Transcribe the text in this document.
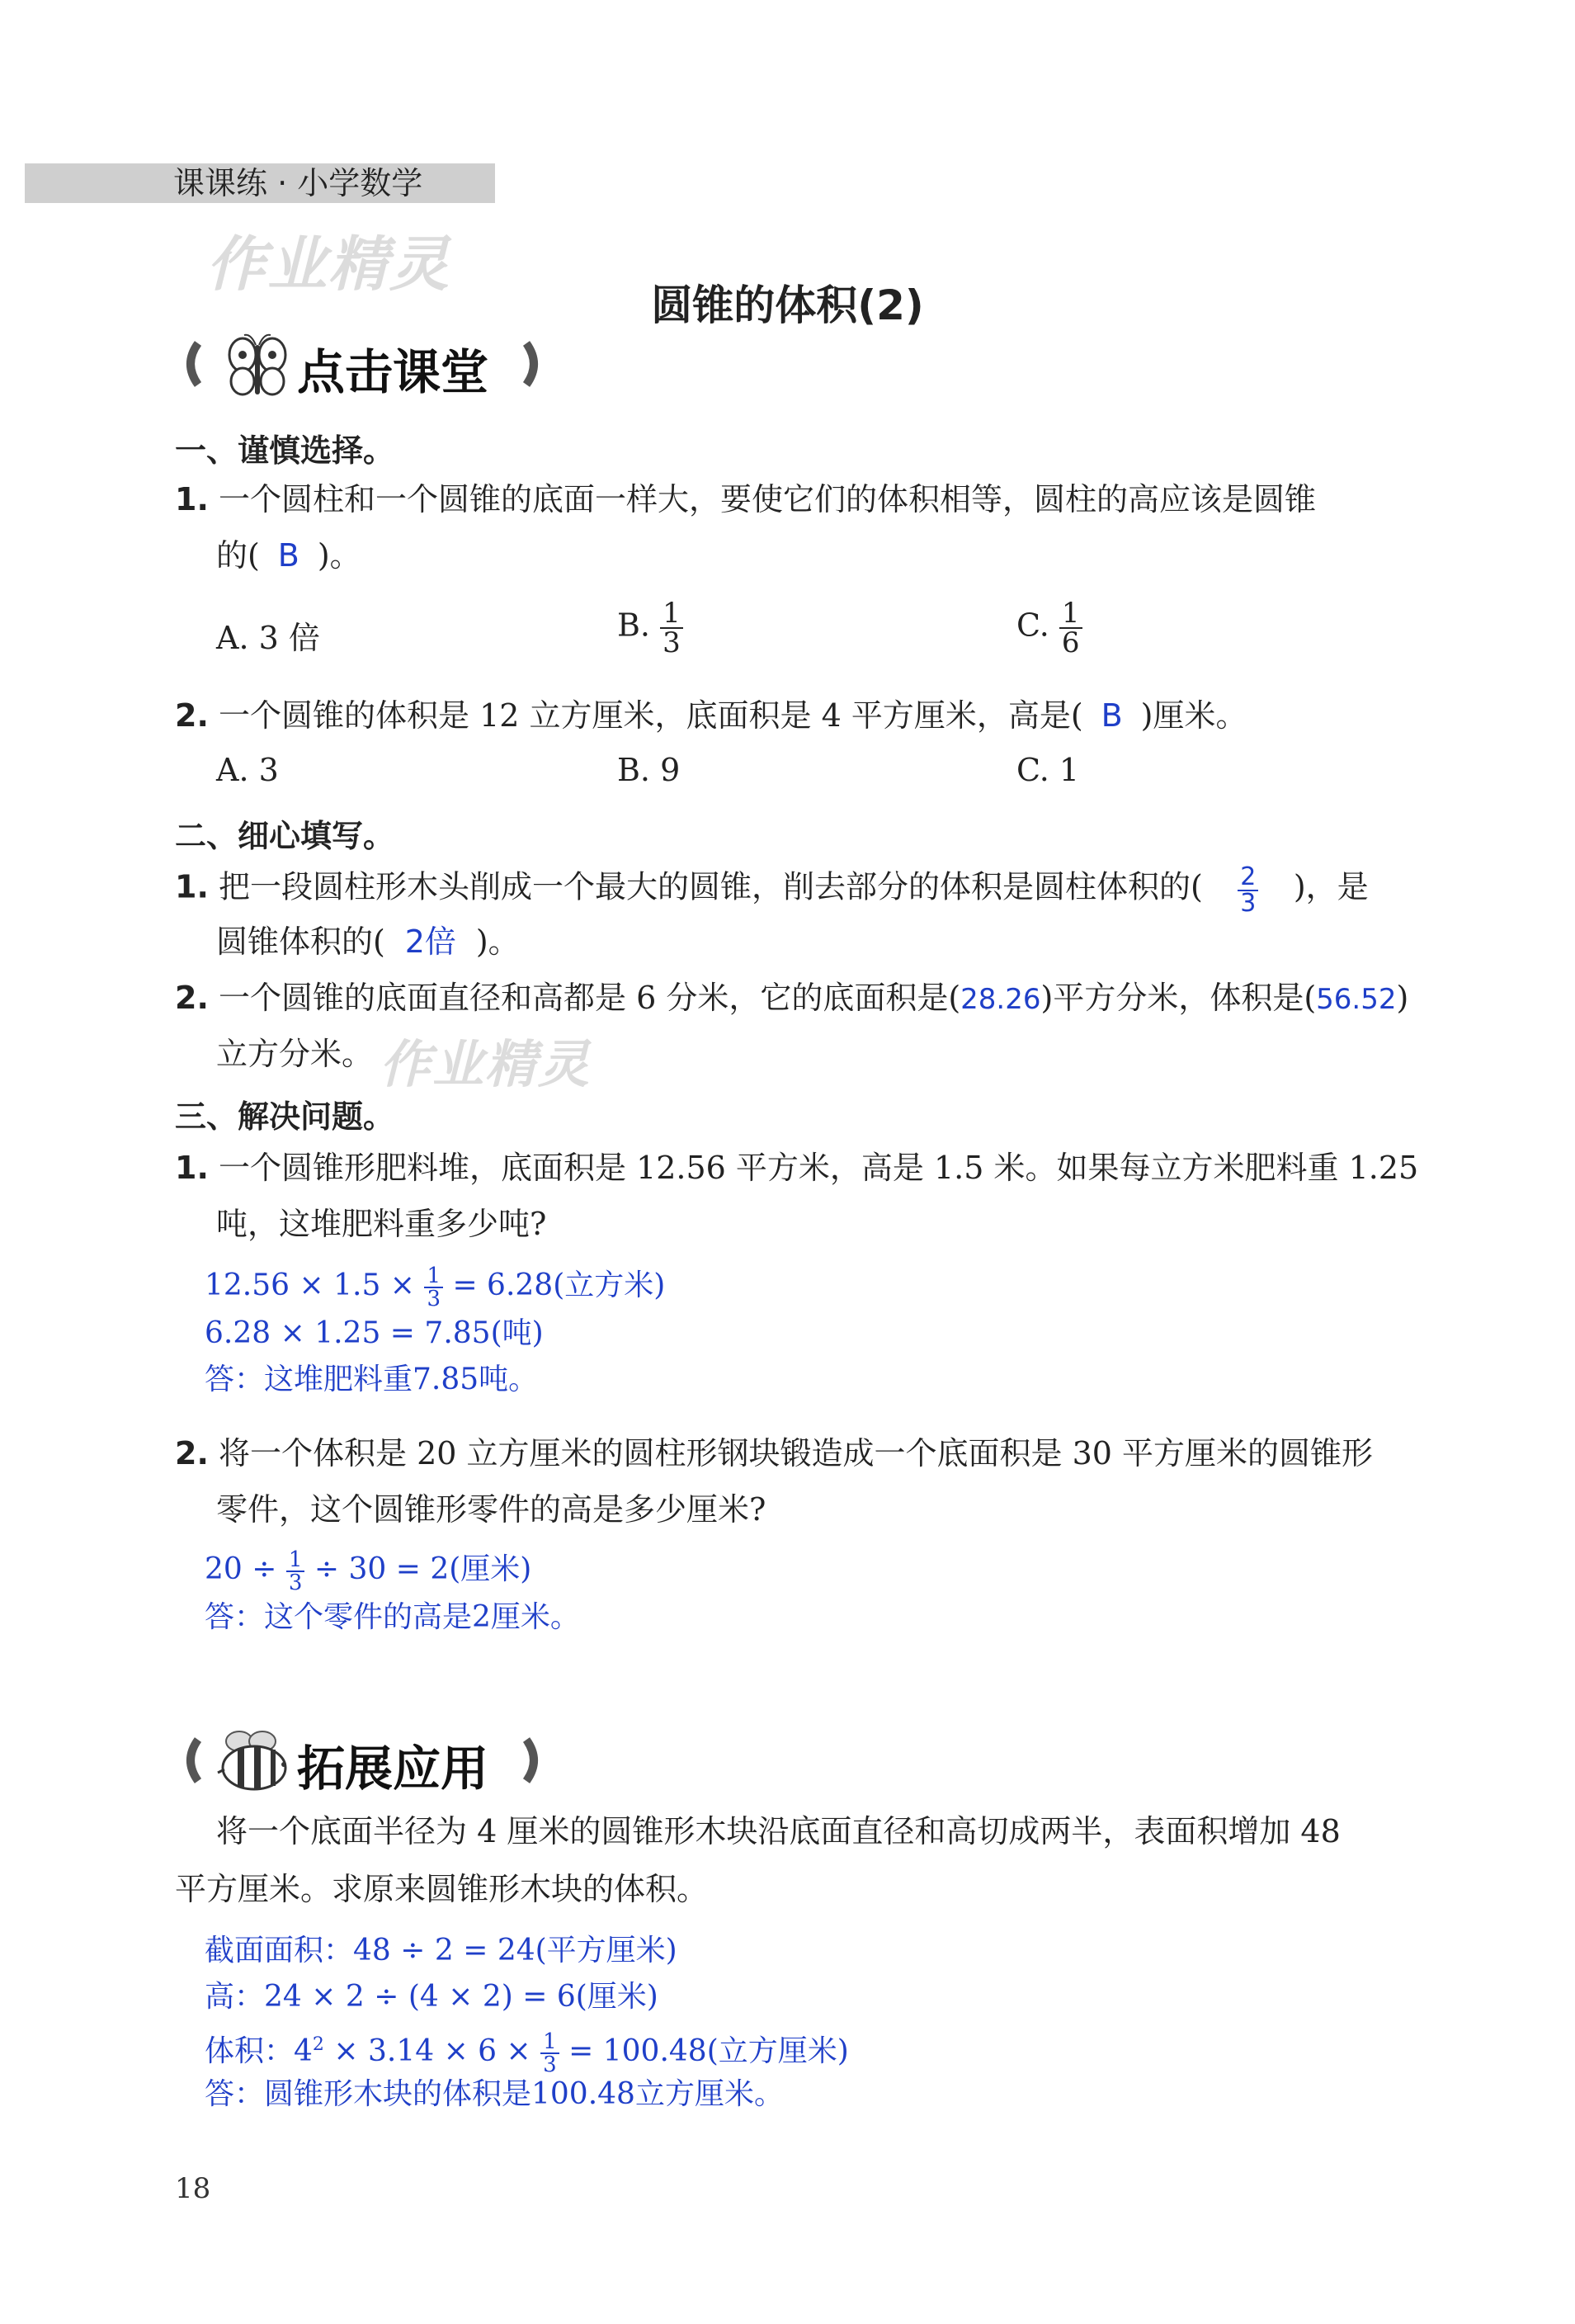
课课练 · 小学数学
作业精灵
圆锥的体积(2)
点击课堂
一、谨慎选择。
1. 一个圆柱和一个圆锥的底面一样大，要使它们的体积相等，圆柱的高应该是圆锥
的( B )。
A. 3 倍	B. $\frac{1}{3}$	C. $\frac{1}{6}$
2. 一个圆锥的体积是 12 立方厘米，底面积是 4 平方厘米，高是( B )厘米。
A. 3	B. 9	C. 1
二、细心填写。
1. 把一段圆柱形木头削成一个最大的圆锥，削去部分的体积是圆柱体积的( $\frac{2}{3}$ )，是
圆锥体积的( 2倍 )。
2. 一个圆锥的底面直径和高都是 6 分米，它的底面积是(28.26)平方分米，体积是(56.52)
立方分米。 作业精灵
三、解决问题。
1. 一个圆锥形肥料堆，底面积是 12.56 平方米，高是 1.5 米。如果每立方米肥料重 1.25
吨，这堆肥料重多少吨?
$12.56 \times 1.5 \times \frac{1}{3} = 6.28$(立方米)
6.28 × 1.25 = 7.85(吨)
答：这堆肥料重7.85吨。
2. 将一个体积是 20 立方厘米的圆柱形钢块锻造成一个底面积是 30 平方厘米的圆锥形
零件，这个圆锥形零件的高是多少厘米?
$20 \div \frac{1}{3} \div 30 = 2$(厘米)
答：这个零件的高是2厘米。
拓展应用
将一个底面半径为 4 厘米的圆锥形木块沿底面直径和高切成两半，表面积增加 48
平方厘米。求原来圆锥形木块的体积。
截面面积：48 ÷ 2 = 24(平方厘米)
高：24 × 2 ÷ (4 × 2) = 6(厘米)
体积：$4^2 \times 3.14 \times 6 \times \frac{1}{3} = 100.48$(立方厘米)
答：圆锥形木块的体积是100.48立方厘米。
18
